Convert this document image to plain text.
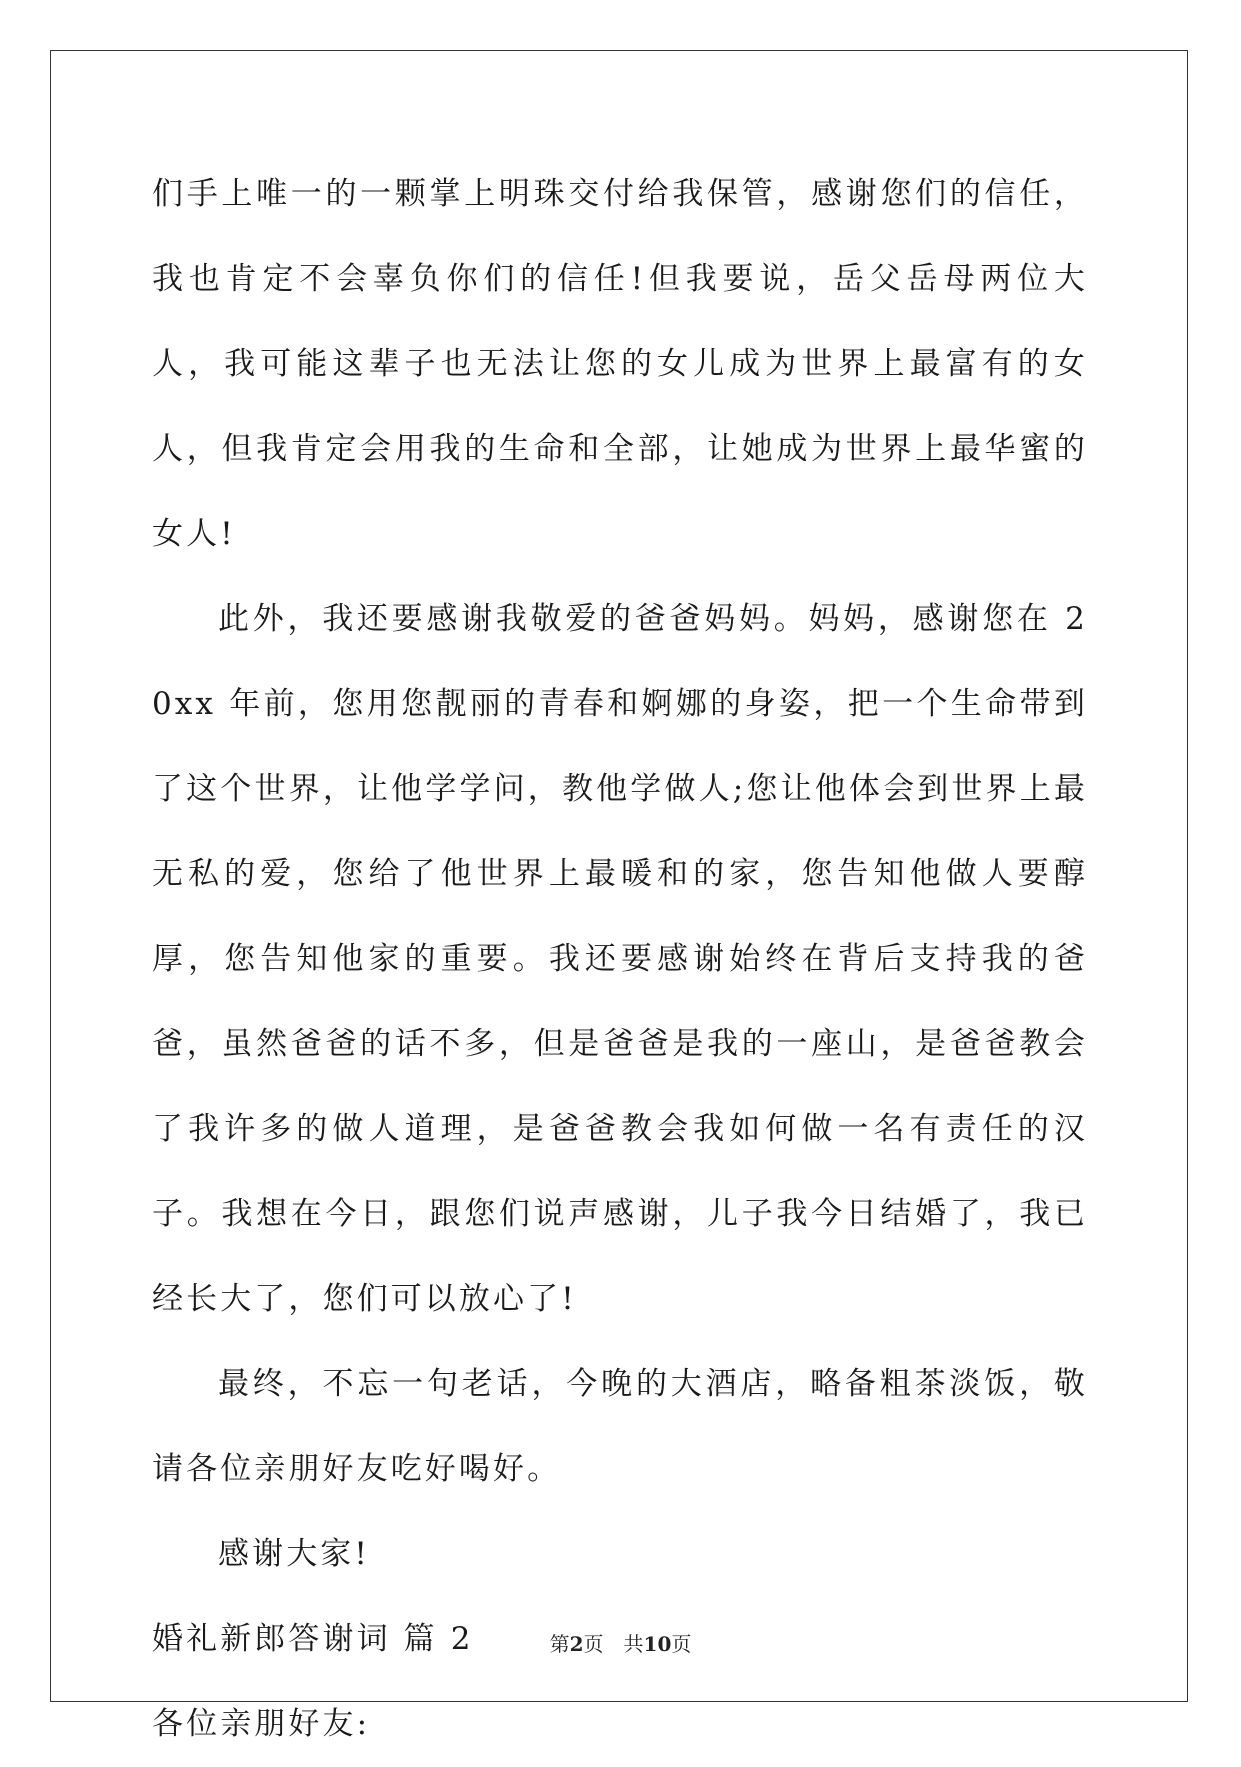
们手上唯一的一颗掌上明珠交付给我保管，感谢您们的信任，我也肯定不会辜负你们的信任!但我要说，岳父岳母两位大人，我可能这辈子也无法让您的女儿成为世界上最富有的女人，但我肯定会用我的生命和全部，让她成为世界上最华蜜的女人!

此外，我还要感谢我敬爱的爸爸妈妈。妈妈，感谢您在 20xx 年前，您用您靓丽的青春和婀娜的身姿，把一个生命带到了这个世界，让他学学问，教他学做人;您让他体会到世界上最无私的爱，您给了他世界上最暖和的家，您告知他做人要醇厚，您告知他家的重要。我还要感谢始终在背后支持我的爸爸，虽然爸爸的话不多，但是爸爸是我的一座山，是爸爸教会了我许多的做人道理，是爸爸教会我如何做一名有责任的汉子。我想在今日，跟您们说声感谢，儿子我今日结婚了，我已经长大了，您们可以放心了!

最终，不忘一句老话，今晚的大酒店，略备粗茶淡饭，敬请各位亲朋好友吃好喝好。

感谢大家!

婚礼新郎答谢词 篇 2

各位亲朋好友:

第2页　共10页
